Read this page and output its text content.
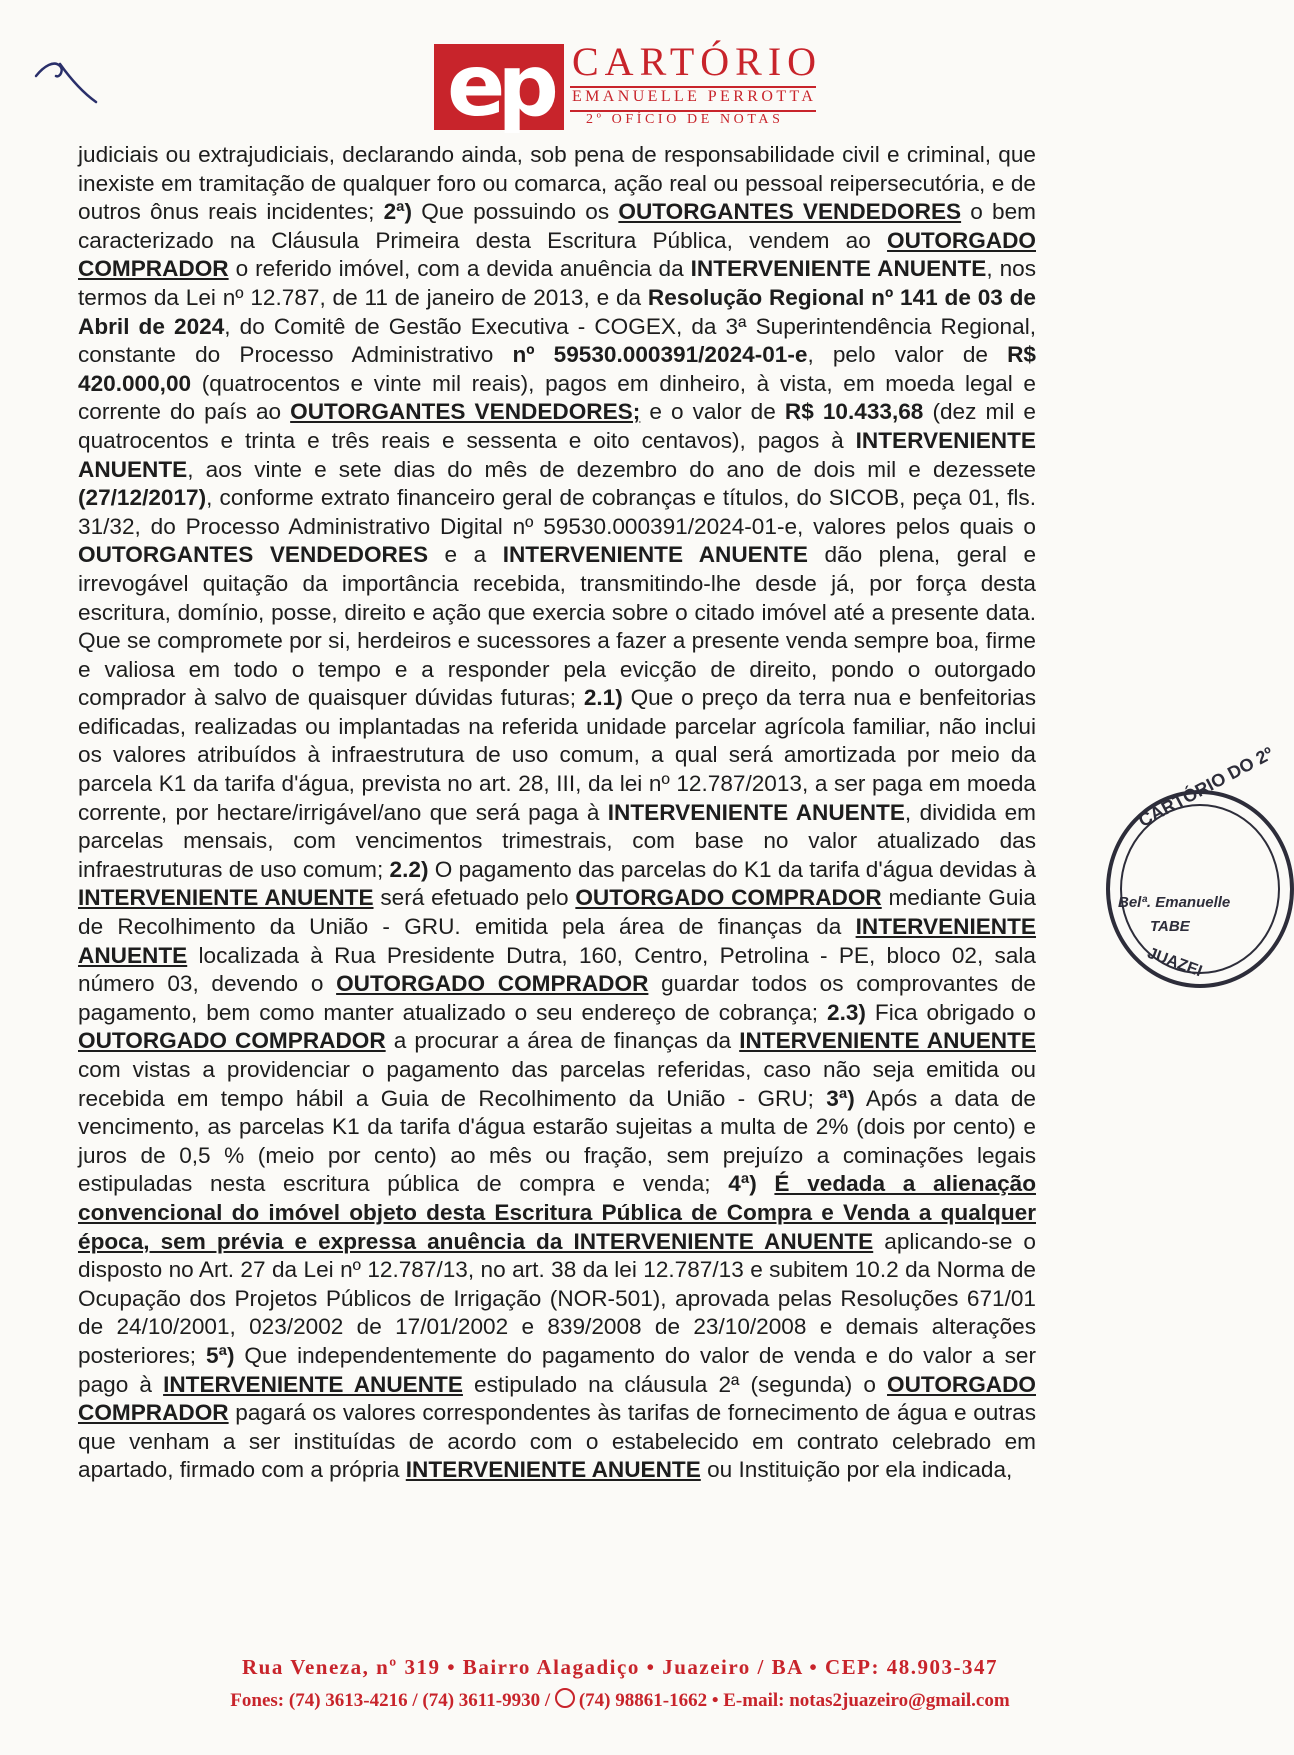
ep CARTÓRIO
EMANUELLE PERROTTA
2º OFÍCIO DE NOTAS
judiciais ou extrajudiciais, declarando ainda, sob pena de responsabilidade civil e criminal, que inexiste em tramitação de qualquer foro ou comarca, ação real ou pessoal reipersecutória, e de outros ônus reais incidentes; 2ª) Que possuindo os OUTORGANTES VENDEDORES o bem caracterizado na Cláusula Primeira desta Escritura Pública, vendem ao OUTORGADO COMPRADOR o referido imóvel, com a devida anuência da INTERVENIENTE ANUENTE, nos termos da Lei nº 12.787, de 11 de janeiro de 2013, e da Resolução Regional nº 141 de 03 de Abril de 2024, do Comitê de Gestão Executiva - COGEX, da 3ª Superintendência Regional, constante do Processo Administrativo nº 59530.000391/2024-01-e, pelo valor de R$ 420.000,00 (quatrocentos e vinte mil reais), pagos em dinheiro, à vista, em moeda legal e corrente do país ao OUTORGANTES VENDEDORES; e o valor de R$ 10.433,68 (dez mil e quatrocentos e trinta e três reais e sessenta e oito centavos), pagos à INTERVENIENTE ANUENTE, aos vinte e sete dias do mês de dezembro do ano de dois mil e dezessete (27/12/2017), conforme extrato financeiro geral de cobranças e títulos, do SICOB, peça 01, fls. 31/32, do Processo Administrativo Digital nº 59530.000391/2024-01-e, valores pelos quais o OUTORGANTES VENDEDORES e a INTERVENIENTE ANUENTE dão plena, geral e irrevogável quitação da importância recebida, transmitindo-lhe desde já, por força desta escritura, domínio, posse, direito e ação que exercia sobre o citado imóvel até a presente data. Que se compromete por si, herdeiros e sucessores a fazer a presente venda sempre boa, firme e valiosa em todo o tempo e a responder pela evicção de direito, pondo o outorgado comprador à salvo de quaisquer dúvidas futuras; 2.1) Que o preço da terra nua e benfeitorias edificadas, realizadas ou implantadas na referida unidade parcelar agrícola familiar, não inclui os valores atribuídos à infraestrutura de uso comum, a qual será amortizada por meio da parcela K1 da tarifa d'água, prevista no art. 28, III, da lei nº 12.787/2013, a ser paga em moeda corrente, por hectare/irrigável/ano que será paga à INTERVENIENTE ANUENTE, dividida em parcelas mensais, com vencimentos trimestrais, com base no valor atualizado das infraestruturas de uso comum; 2.2) O pagamento das parcelas do K1 da tarifa d'água devidas à INTERVENIENTE ANUENTE será efetuado pelo OUTORGADO COMPRADOR mediante Guia de Recolhimento da União - GRU. emitida pela área de finanças da INTERVENIENTE ANUENTE localizada à Rua Presidente Dutra, 160, Centro, Petrolina - PE, bloco 02, sala número 03, devendo o OUTORGADO COMPRADOR guardar todos os comprovantes de pagamento, bem como manter atualizado o seu endereço de cobrança; 2.3) Fica obrigado o OUTORGADO COMPRADOR a procurar a área de finanças da INTERVENIENTE ANUENTE com vistas a providenciar o pagamento das parcelas referidas, caso não seja emitida ou recebida em tempo hábil a Guia de Recolhimento da União - GRU; 3ª) Após a data de vencimento, as parcelas K1 da tarifa d'água estarão sujeitas a multa de 2% (dois por cento) e juros de 0,5 % (meio por cento) ao mês ou fração, sem prejuízo a cominações legais estipuladas nesta escritura pública de compra e venda; 4ª) É vedada a alienação convencional do imóvel objeto desta Escritura Pública de Compra e Venda a qualquer época, sem prévia e expressa anuência da INTERVENIENTE ANUENTE aplicando-se o disposto no Art. 27 da Lei nº 12.787/13, no art. 38 da lei 12.787/13 e subitem 10.2 da Norma de Ocupação dos Projetos Públicos de Irrigação (NOR-501), aprovada pelas Resoluções 671/01 de 24/10/2001, 023/2002 de 17/01/2002 e 839/2008 de 23/10/2008 e demais alterações posteriores; 5ª) Que independentemente do pagamento do valor de venda e do valor a ser pago à INTERVENIENTE ANUENTE estipulado na cláusula 2ª (segunda) o OUTORGADO COMPRADOR pagará os valores correspondentes às tarifas de fornecimento de água e outras que venham a ser instituídas de acordo com o estabelecido em contrato celebrado em apartado, firmado com a própria INTERVENIENTE ANUENTE ou Instituição por ela indicada,
CARTÓRIO DO 2º
Belª. Emanuelle
TABE
JUAZEI
Rua Veneza, nº 319 • Bairro Alagadiço • Juazeiro / BA • CEP: 48.903-347
Fones: (74) 3613-4216 / (74) 3611-9930 / (74) 98861-1662 • E-mail: notas2juazeiro@gmail.com
